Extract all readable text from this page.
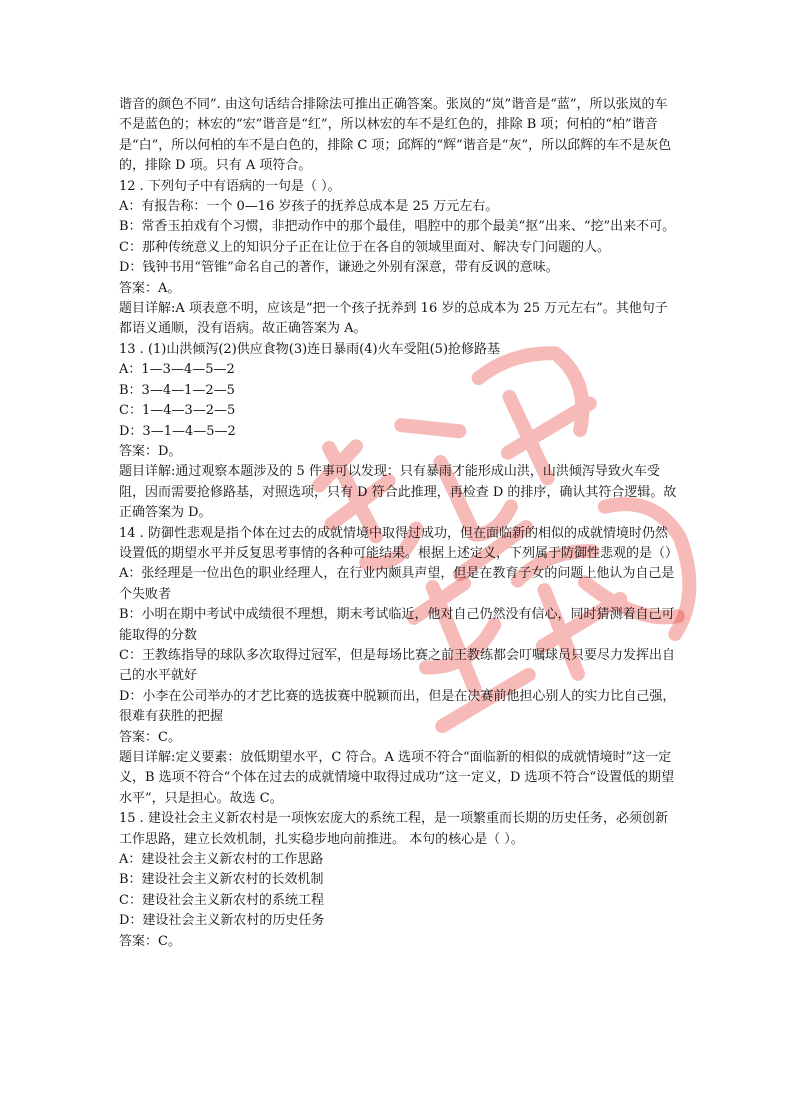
谐音的颜色不同”. 由这句话结合排除法可推出正确答案。张岚的“岚”谐音是“蓝”，所以张岚的车不是蓝色的；林宏的“宏”谐音是“红”，所以林宏的车不是红色的，排除 B 项；何柏的“柏”谐音是“白”，所以何柏的车不是白色的，排除 C 项；邱辉的“辉”谐音是“灰”，所以邱辉的车不是灰色的，排除 D 项。只有 A 项符合。

12 . 下列句子中有语病的一句是（ ）。

A：有报告称：一个 0—16 岁孩子的抚养总成本是 25 万元左右。

B：常香玉拍戏有个习惯，非把动作中的那个最佳，唱腔中的那个最美“抠”出来、“挖”出来不可。

C：那种传统意义上的知识分子正在让位于在各自的领域里面对、解决专门问题的人。

D：钱钟书用“管锥”命名自己的著作，谦逊之外别有深意，带有反讽的意味。

答案：A。

题目详解:A 项表意不明，应该是“把一个孩子抚养到 16 岁的总成本为 25 万元左右”。其他句子都语义通顺，没有语病。故正确答案为 A。

13 . (1)山洪倾泻(2)供应食物(3)连日暴雨(4)火车受阻(5)抢修路基

A：1—3—4—5—2

B：3—4—1—2—5

C：1—4—3—2—5

D：3—1—4—5—2

答案：D。

题目详解:通过观察本题涉及的 5 件事可以发现：只有暴雨才能形成山洪，山洪倾泻导致火车受阻，因而需要抢修路基，对照选项，只有 D 符合此推理，再检查 D 的排序，确认其符合逻辑。故正确答案为 D。

14 . 防御性悲观是指个体在过去的成就情境中取得过成功，但在面临新的相似的成就情境时仍然设置低的期望水平并反复思考事情的各种可能结果。根据上述定义，下列属于防御性悲观的是（）

A：张经理是一位出色的职业经理人，在行业内颇具声望，但是在教育子女的问题上他认为自己是个失败者

B：小明在期中考试中成绩很不理想，期末考试临近，他对自己仍然没有信心，同时猜测着自己可能取得的分数

C：王教练指导的球队多次取得过冠军，但是每场比赛之前王教练都会叮嘱球员只要尽力发挥出自己的水平就好

D：小李在公司举办的才艺比赛的选拔赛中脱颖而出，但是在决赛前他担心别人的实力比自己强，很难有获胜的把握

答案：C。

题目详解:定义要素：放低期望水平，C 符合。A 选项不符合“面临新的相似的成就情境时”这一定义，B 选项不符合“个体在过去的成就情境中取得过成功”这一定义，D 选项不符合“设置低的期望水平”，只是担心。故选 C。

15 . 建设社会主义新农村是一项恢宏庞大的系统工程，是一项繁重而长期的历史任务，必须创新工作思路，建立长效机制，扎实稳步地向前推进。 本句的核心是（ ）。

A：建设社会主义新农村的工作思路

B：建设社会主义新农村的长效机制

C：建设社会主义新农村的系统工程

D：建设社会主义新农村的历史任务

答案：C。
